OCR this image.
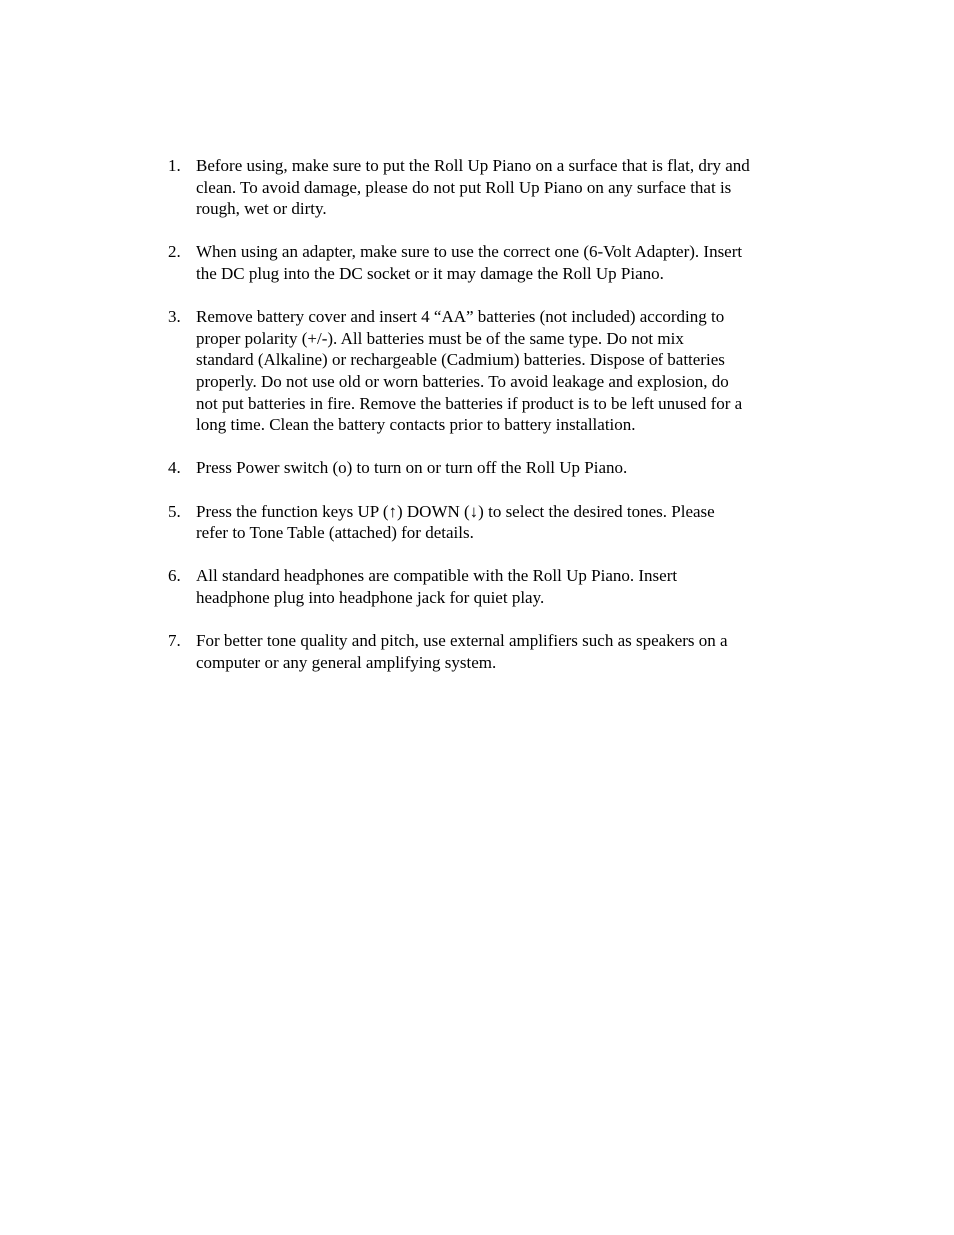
1. Before using, make sure to put the Roll Up Piano on a surface that is flat, dry and
clean. To avoid damage, please do not put Roll Up Piano on any surface that is
rough, wet or dirty.
2. When using an adapter, make sure to use the correct one (6-Volt Adapter). Insert
the DC plug into the DC socket or it may damage the Roll Up Piano.
3. Remove battery cover and insert 4 “AA” batteries (not included) according to
proper polarity (+/-). All batteries must be of the same type. Do not mix
standard (Alkaline) or rechargeable (Cadmium) batteries. Dispose of batteries
properly. Do not use old or worn batteries. To avoid leakage and explosion, do
not put batteries in fire. Remove the batteries if product is to be left unused for a
long time. Clean the battery contacts prior to battery installation.
4. Press Power switch (o) to turn on or turn off the Roll Up Piano.
5. Press the function keys UP (↑) DOWN (↓) to select the desired tones. Please
refer to Tone Table (attached) for details.
6. All standard headphones are compatible with the Roll Up Piano. Insert
headphone plug into headphone jack for quiet play.
7. For better tone quality and pitch, use external amplifiers such as speakers on a
computer or any general amplifying system.
